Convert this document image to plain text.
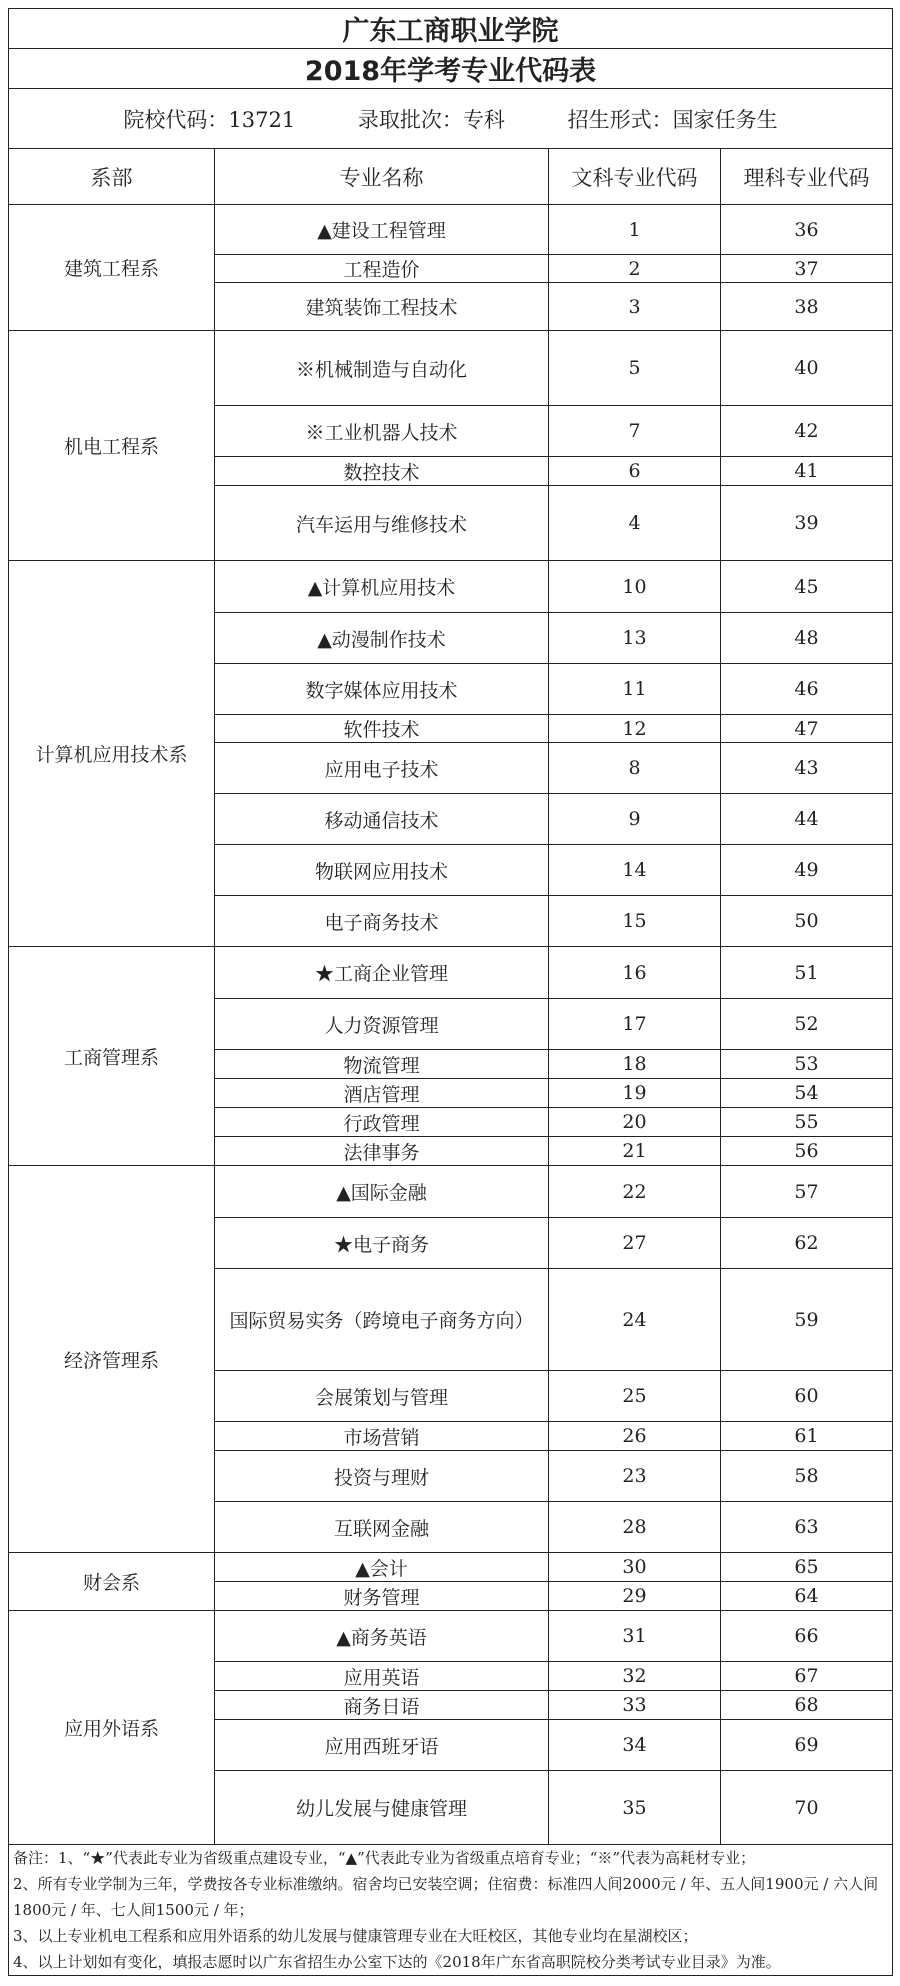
广东工商职业学院			
2018年学考专业代码表			
院校代码：13721 录取批次：专科 招生形式：国家任务生			
系部	专业名称	文科专业代码	理科专业代码
建筑工程系	▲建设工程管理	1	36
	工程造价	2	37
	建筑装饰工程技术	3	38
机电工程系	※机械制造与自动化	5	40
	※工业机器人技术	7	42
	数控技术	6	41
	汽车运用与维修技术	4	39
计算机应用技术系	▲计算机应用技术	10	45
	▲动漫制作技术	13	48
	数字媒体应用技术	11	46
	软件技术	12	47
	应用电子技术	8	43
	移动通信技术	9	44
	物联网应用技术	14	49
	电子商务技术	15	50
工商管理系	★工商企业管理	16	51
	人力资源管理	17	52
	物流管理	18	53
	酒店管理	19	54
	行政管理	20	55
	法律事务	21	56
经济管理系	▲国际金融	22	57
	★电子商务	27	62
	国际贸易实务（跨境电子商务方向）	24	59
	会展策划与管理	25	60
	市场营销	26	61
	投资与理财	23	58
	互联网金融	28	63
财会系	▲会计	30	65
	财务管理	29	64
应用外语系	▲商务英语	31	66
	应用英语	32	67
	商务日语	33	68
	应用西班牙语	34	69
	幼儿发展与健康管理	35	70

备注：1、“★”代表此专业为省级重点建设专业，“▲”代表此专业为省级重点培育专业；“※”代表为高耗材专业；
2、所有专业学制为三年，学费按各专业标准缴纳。宿舍均已安装空调；住宿费：标准四人间2000元 / 年、五人间1900元 / 六人间1800元 / 年、七人间1500元 / 年；
3、以上专业机电工程系和应用外语系的幼儿发展与健康管理专业在大旺校区，其他专业均在星湖校区；
4、以上计划如有变化，填报志愿时以广东省招生办公室下达的《2018年广东省高职院校分类考试专业目录》为准。			
